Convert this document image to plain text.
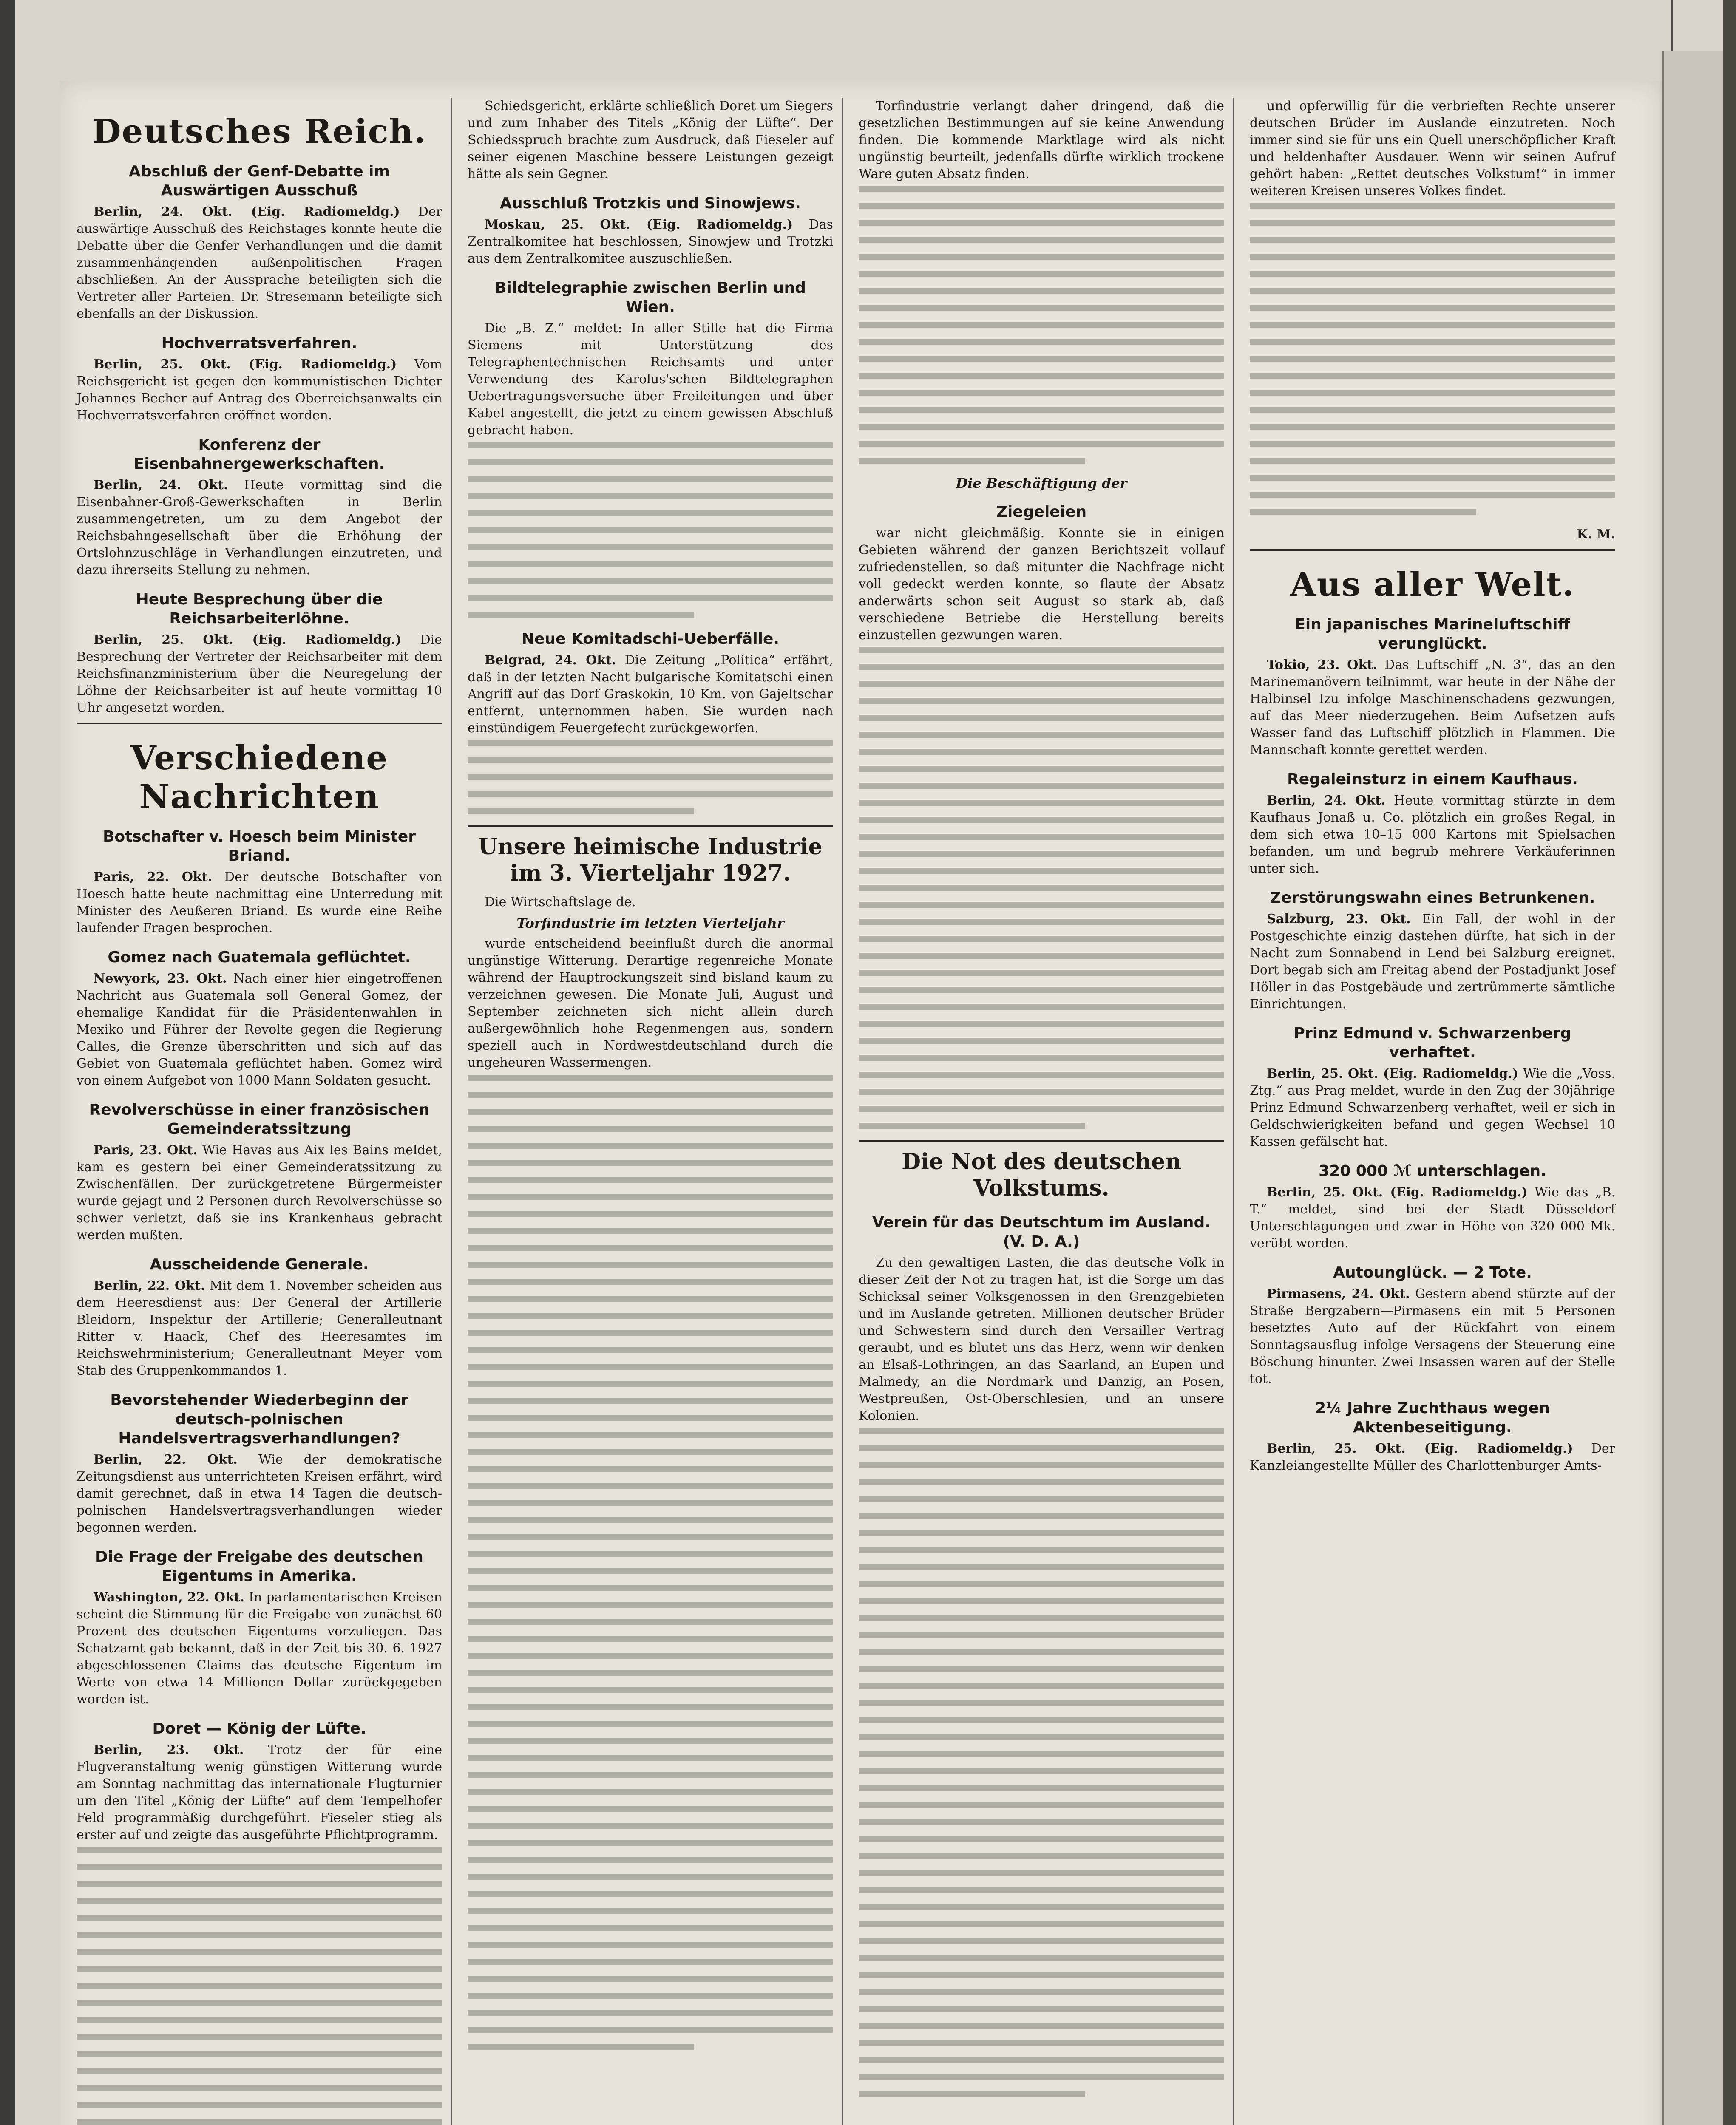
Deutsches Reich.
Abschluß der Genf-Debatte im Auswärtigen Ausschuß

Berlin, 24. Okt. (Eig. Radiomeldg.) Der auswärtige Ausschuß des Reichstages konnte heute die Debatte über die Genfer Verhandlungen und die damit zusammenhängenden außenpolitischen Fragen abschließen. An der Aussprache beteiligten sich die Vertreter aller Parteien. Dr. Stresemann beteiligte sich ebenfalls an der Diskussion.

Hochverratsverfahren.

Berlin, 25. Okt. (Eig. Radiomeldg.) Vom Reichsgericht ist gegen den kommunistischen Dichter Johannes Becher auf Antrag des Oberreichsanwalts ein Hochverratsverfahren eröffnet worden.

Konferenz der Eisenbahnergewerkschaften.

Berlin, 24. Okt. Heute vormittag sind die Eisenbahner-Groß-Gewerkschaften in Berlin zusammengetreten, um zu dem Angebot der Reichsbahngesellschaft über die Erhöhung der Ortslohnzuschläge in Verhandlungen einzutreten, und dazu ihrerseits Stellung zu nehmen.

Heute Besprechung über die Reichsarbeiterlöhne.

Berlin, 25. Okt. (Eig. Radiomeldg.) Die Besprechung der Vertreter der Reichsarbeiter mit dem Reichsfinanzministerium über die Neuregelung der Löhne der Reichsarbeiter ist auf heute vormittag 10 Uhr angesetzt worden.

Verschiedene Nachrichten
Botschafter v. Hoesch beim Minister Briand.

Paris, 22. Okt. Der deutsche Botschafter von Hoesch hatte heute nachmittag eine Unterredung mit Minister des Aeußeren Briand. Es wurde eine Reihe laufender Fragen besprochen.

Gomez nach Guatemala geflüchtet.

Newyork, 23. Okt. Nach einer hier eingetroffenen Nachricht aus Guatemala soll General Gomez, der ehemalige Kandidat für die Präsidentenwahlen in Mexiko und Führer der Revolte gegen die Regierung Calles, die Grenze überschritten und sich auf das Gebiet von Guatemala geflüchtet haben. Gomez wird von einem Aufgebot von 1000 Mann Soldaten gesucht.

Revolverschüsse in einer französischen Gemeinderatssitzung

Paris, 23. Okt. Wie Havas aus Aix les Bains meldet, kam es gestern bei einer Gemeinderatssitzung zu Zwischenfällen. Der zurückgetretene Bürgermeister wurde gejagt und 2 Personen durch Revolverschüsse so schwer verletzt, daß sie ins Krankenhaus gebracht werden mußten.

Ausscheidende Generale.

Berlin, 22. Okt. Mit dem 1. November scheiden aus dem Heeresdienst aus: Der General der Artillerie Bleidorn, Inspektur der Artillerie; Generalleutnant Ritter v. Haack, Chef des Heeresamtes im Reichswehrministerium; Generalleutnant Meyer vom Stab des Gruppenkommandos 1.

Bevorstehender Wiederbeginn der deutsch-polnischen Handelsvertragsverhandlungen?

Berlin, 22. Okt. Wie der demokratische Zeitungsdienst aus unterrichteten Kreisen erfährt, wird damit gerechnet, daß in etwa 14 Tagen die deutsch-polnischen Handelsvertragsverhandlungen wieder begonnen werden.

Die Frage der Freigabe des deutschen Eigentums in Amerika.

Washington, 22. Okt. In parlamentarischen Kreisen scheint die Stimmung für die Freigabe von zunächst 60 Prozent des deutschen Eigentums vorzuliegen. Das Schatzamt gab bekannt, daß in der Zeit bis 30. 6. 1927 abgeschlossenen Claims das deutsche Eigentum im Werte von etwa 14 Millionen Dollar zurückgegeben worden ist.

Doret — König der Lüfte.

Berlin, 23. Okt. Trotz der für eine Flugveranstaltung wenig günstigen Witterung wurde am Sonntag nachmittag das internationale Flugturnier um den Titel „König der Lüfte“ auf dem Tempelhofer Feld programmäßig durchgeführt. Fieseler stieg als erster auf und zeigte das ausgeführte Pflichtprogramm.

Schiedsgericht, erklärte schließlich Doret um Siegers und zum Inhaber des Titels „König der Lüfte“. Der Schiedsspruch brachte zum Ausdruck, daß Fieseler auf seiner eigenen Maschine bessere Leistungen gezeigt hätte als sein Gegner.

Ausschluß Trotzkis und Sinowjews.

Moskau, 25. Okt. (Eig. Radiomeldg.) Das Zentralkomitee hat beschlossen, Sinowjew und Trotzki aus dem Zentralkomitee auszuschließen.

Bildtelegraphie zwischen Berlin und Wien.

Die „B. Z.“ meldet: In aller Stille hat die Firma Siemens mit Unterstützung des Telegraphentechnischen Reichsamts und unter Verwendung des Karolus'schen Bildtelegraphen Uebertragungsversuche über Freileitungen und über Kabel angestellt, die jetzt zu einem gewissen Abschluß gebracht haben.

Neue Komitadschi-Ueberfälle.

Belgrad, 24. Okt. Die Zeitung „Politica“ erfährt, daß in der letzten Nacht bulgarische Komitatschi einen Angriff auf das Dorf Graskokin, 10 Km. von Gajeltschar entfernt, unternommen haben. Sie wurden nach einstündigem Feuergefecht zurückgeworfen.

Unsere heimische Industrie im 3. Vierteljahr 1927.

Die Wirtschaftslage de.

Torfindustrie im letzten Vierteljahr

wurde entscheidend beeinflußt durch die anormal ungünstige Witterung. Derartige regenreiche Monate während der Hauptrockungszeit sind bisland kaum zu verzeichnen gewesen. Die Monate Juli, August und September zeichneten sich nicht allein durch außergewöhnlich hohe Regenmengen aus, sondern speziell auch in Nordwestdeutschland durch die ungeheuren Wassermengen.

Torfindustrie verlangt daher dringend, daß die gesetzlichen Bestimmungen auf sie keine Anwendung finden. Die kommende Marktlage wird als nicht ungünstig beurteilt, jedenfalls dürfte wirklich trockene Ware guten Absatz finden.

Die Beschäftigung der
Ziegeleien

war nicht gleichmäßig. Konnte sie in einigen Gebieten während der ganzen Berichtszeit vollauf zufriedenstellen, so daß mitunter die Nachfrage nicht voll gedeckt werden konnte, so flaute der Absatz anderwärts schon seit August so stark ab, daß verschiedene Betriebe die Herstellung bereits einzustellen gezwungen waren.

Die Not des deutschen Volkstums.
Verein für das Deutschtum im Ausland. (V. D. A.)

Zu den gewaltigen Lasten, die das deutsche Volk in dieser Zeit der Not zu tragen hat, ist die Sorge um das Schicksal seiner Volksgenossen in den Grenzgebieten und im Auslande getreten. Millionen deutscher Brüder und Schwestern sind durch den Versailler Vertrag geraubt, und es blutet uns das Herz, wenn wir denken an Elsaß-Lothringen, an das Saarland, an Eupen und Malmedy, an die Nordmark und Danzig, an Posen, Westpreußen, Ost-Oberschlesien, und an unsere Kolonien.

und opferwillig für die verbrieften Rechte unserer deutschen Brüder im Auslande einzutreten. Noch immer sind sie für uns ein Quell unerschöpflicher Kraft und heldenhafter Ausdauer. Wenn wir seinen Aufruf gehört haben: „Rettet deutsches Volkstum!“ in immer weiteren Kreisen unseres Volkes findet.

K. M.

Aus aller Welt.
Ein japanisches Marineluftschiff verunglückt.

Tokio, 23. Okt. Das Luftschiff „N. 3“, das an den Marinemanövern teilnimmt, war heute in der Nähe der Halbinsel Izu infolge Maschinenschadens gezwungen, auf das Meer niederzugehen. Beim Aufsetzen aufs Wasser fand das Luftschiff plötzlich in Flammen. Die Mannschaft konnte gerettet werden.

Regaleinsturz in einem Kaufhaus.

Berlin, 24. Okt. Heute vormittag stürzte in dem Kaufhaus Jonaß u. Co. plötzlich ein großes Regal, in dem sich etwa 10–15 000 Kartons mit Spielsachen befanden, um und begrub mehrere Verkäuferinnen unter sich.

Zerstörungswahn eines Betrunkenen.

Salzburg, 23. Okt. Ein Fall, der wohl in der Postgeschichte einzig dastehen dürfte, hat sich in der Nacht zum Sonnabend in Lend bei Salzburg ereignet. Dort begab sich am Freitag abend der Postadjunkt Josef Höller in das Postgebäude und zertrümmerte sämtliche Einrichtungen.

Prinz Edmund v. Schwarzenberg verhaftet.

Berlin, 25. Okt. (Eig. Radiomeldg.) Wie die „Voss. Ztg.“ aus Prag meldet, wurde in den Zug der 30jährige Prinz Edmund Schwarzenberg verhaftet, weil er sich in Geldschwierigkeiten befand und gegen Wechsel 10 Kassen gefälscht hat.

320 000 ℳ unterschlagen.

Berlin, 25. Okt. (Eig. Radiomeldg.) Wie das „B. T.“ meldet, sind bei der Stadt Düsseldorf Unterschlagungen und zwar in Höhe von 320 000 Mk. verübt worden.

Autounglück. — 2 Tote.

Pirmasens, 24. Okt. Gestern abend stürzte auf der Straße Bergzabern—Pirmasens ein mit 5 Personen besetztes Auto auf der Rückfahrt von einem Sonntagsausflug infolge Versagens der Steuerung eine Böschung hinunter. Zwei Insassen waren auf der Stelle tot.

2¼ Jahre Zuchthaus wegen Aktenbeseitigung.

Berlin, 25. Okt. (Eig. Radiomeldg.) Der Kanzleiangestellte Müller des Charlottenburger Amts-
